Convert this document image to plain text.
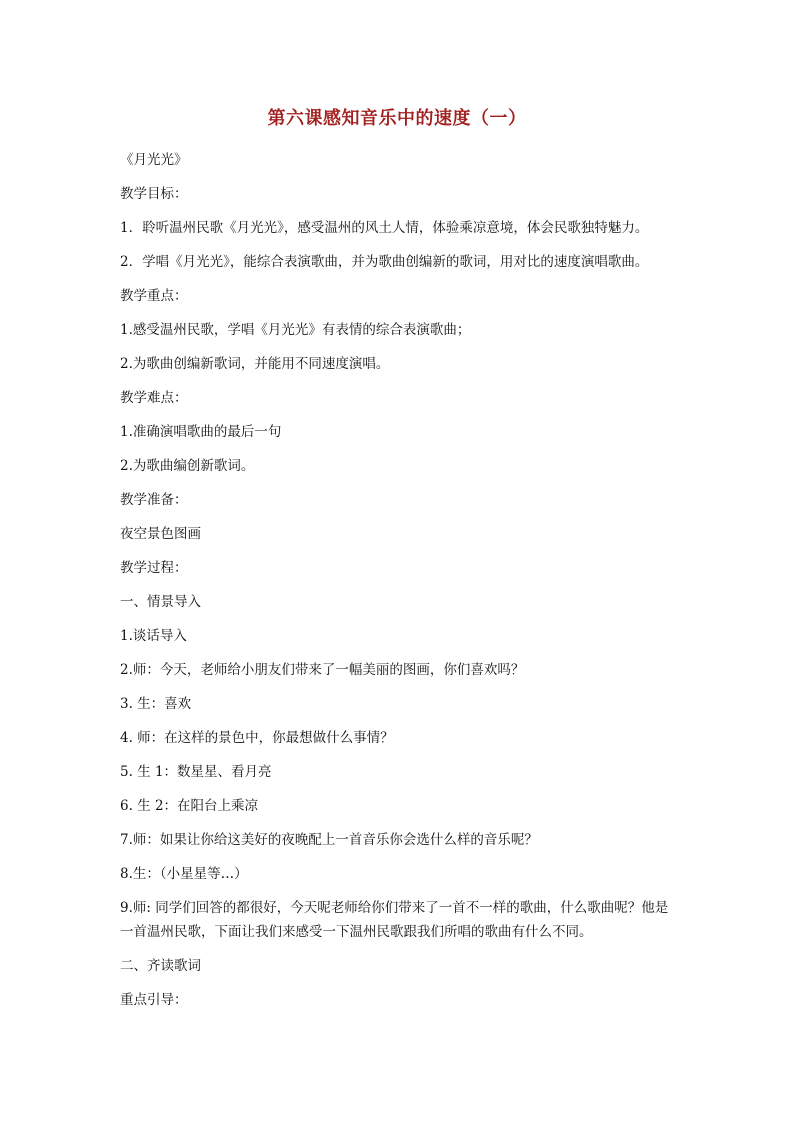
第六课感知音乐中的速度（一）
《月光光》
教学目标：
1．聆听温州民歌《月光光》，感受温州的风土人情，体验乘凉意境，体会民歌独特魅力。
2．学唱《月光光》，能综合表演歌曲，并为歌曲创编新的歌词，用对比的速度演唱歌曲。
教学重点：
1.感受温州民歌，学唱《月光光》有表情的综合表演歌曲；
2.为歌曲创编新歌词，并能用不同速度演唱。
教学难点：
1.准确演唱歌曲的最后一句
2.为歌曲编创新歌词。
教学准备：
夜空景色图画
教学过程：
一、情景导入
1.谈话导入
2.师：今天，老师给小朋友们带来了一幅美丽的图画，你们喜欢吗？
3. 生：喜欢
4. 师：在这样的景色中，你最想做什么事情？
5. 生 1：数星星、看月亮
6. 生 2：在阳台上乘凉
7.师：如果让你给这美好的夜晚配上一首音乐你会选什么样的音乐呢？
8.生：（小星星等…）
9.师: 同学们回答的都很好，今天呢老师给你们带来了一首不一样的歌曲，什么歌曲呢？他是一首温州民歌，下面让我们来感受一下温州民歌跟我们所唱的歌曲有什么不同。
二、齐读歌词
重点引导：
